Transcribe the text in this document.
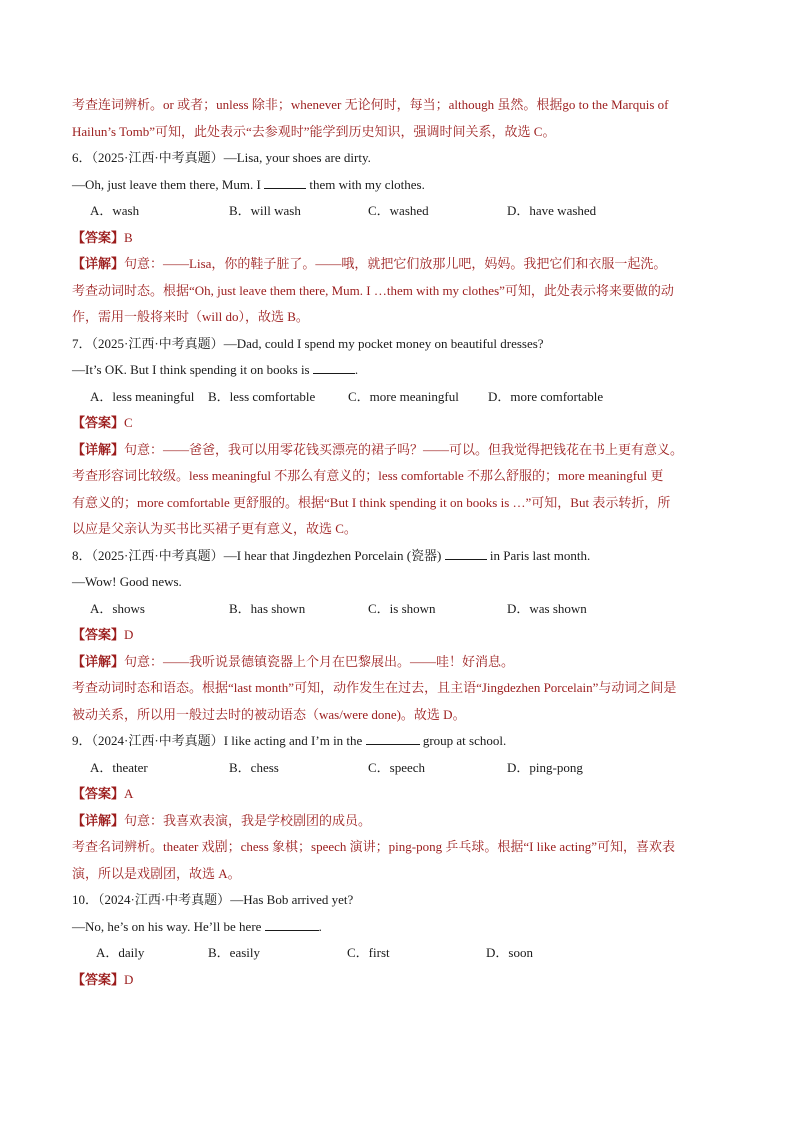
考查连词辨析。or 或者；unless 除非；whenever 无论何时，每当；although 虽然。根据go to the Marquis of
Hailun’s Tomb”可知，此处表示“去参观时”能学到历史知识，强调时间关系，故选 C。
6．（2025·江西·中考真题）—Lisa, your shoes are dirty.
—Oh, just leave them there, Mum. I	them with my clothes.
A．wash	B．will wash	C．washed	D．have washed
【答案】B
【详解】句意：——Lisa，你的鞋子脏了。——哦，就把它们放那儿吧，妈妈。我把它们和衣服一起洗。
考查动词时态。根据“Oh, just leave them there, Mum. I …them with my clothes”可知，此处表示将来要做的动
作，需用一般将来时（will do），故选 B。
7．（2025·江西·中考真题）—Dad, could I spend my pocket money on beautiful dresses?
—It’s OK. But I think spending it on books is	.
A．less meaningful	B．less comfortable	C．more meaningful	D．more comfortable
【答案】C
【详解】句意：——爸爸，我可以用零花钱买漂亮的裙子吗？——可以。但我觉得把钱花在书上更有意义。
考查形容词比较级。less meaningful 不那么有意义的；less comfortable 不那么舒服的；more meaningful 更
有意义的；more comfortable 更舒服的。根据“But I think spending it on books is …”可知，But 表示转折，所
以应是父亲认为买书比买裙子更有意义，故选 C。
8．（2025·江西·中考真题）—I hear that Jingdezhen Porcelain (瓷器)	in Paris last month.
—Wow! Good news.
A．shows	B．has shown	C．is shown	D．was shown
【答案】D
【详解】句意：——我听说景德镇瓷器上个月在巴黎展出。——哇！好消息。
考查动词时态和语态。根据“last month”可知，动作发生在过去，且主语“Jingdezhen Porcelain”与动词之间是
被动关系，所以用一般过去时的被动语态（was/were done)。故选 D。
9．（2024·江西·中考真题）I like acting and I’m in the	group at school.
A．theater	B．chess	C．speech	D．ping-pong
【答案】A
【详解】句意：我喜欢表演，我是学校剧团的成员。
考查名词辨析。theater 戏剧；chess 象棋；speech 演讲；ping-pong 乒乓球。根据“I like acting”可知，喜欢表
演，所以是戏剧团，故选 A。
10．（2024·江西·中考真题）—Has Bob arrived yet?
—No, he’s on his way. He’ll be here	.
A．daily	B．easily	C．first	D．soon
【答案】D
